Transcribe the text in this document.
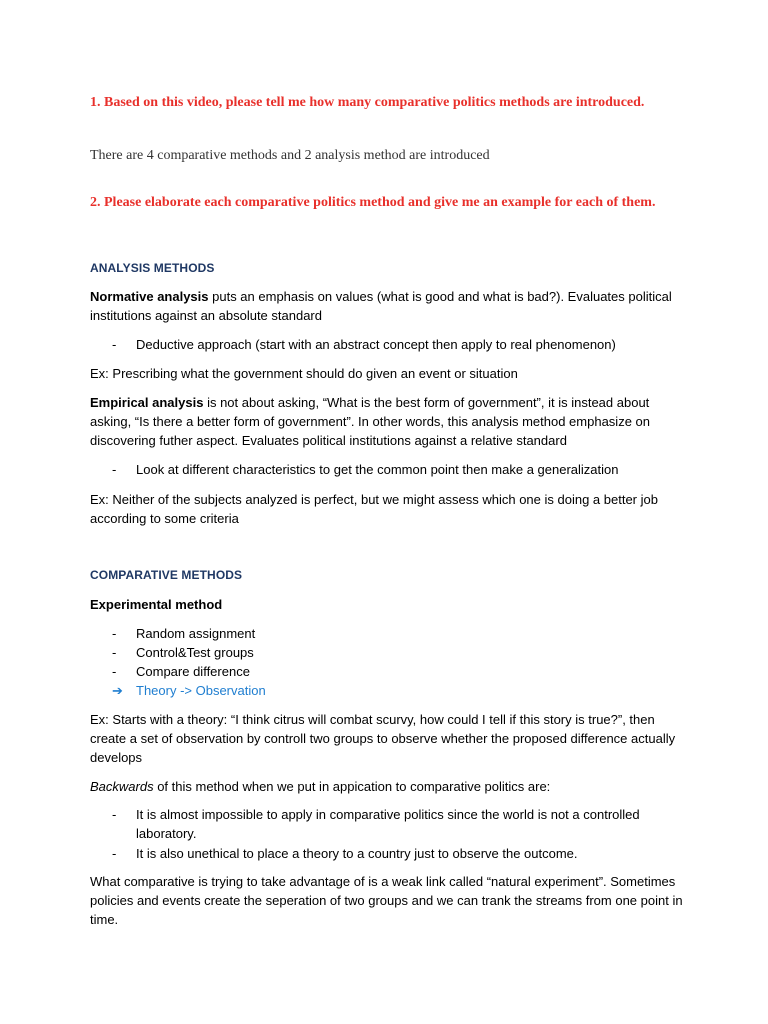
1. Based on this video, please tell me how many comparative politics methods are introduced.
There are 4 comparative methods and 2 analysis method are introduced
2. Please elaborate each comparative politics method and give me an example for each of them.
ANALYSIS METHODS
Normative analysis puts an emphasis on values (what is good and what is bad?). Evaluates political institutions against an absolute standard
-	Deductive approach (start with an abstract concept then apply to real phenomenon)
Ex: Prescribing what the government should do given an event or situation
Empirical analysis is not about asking, “What is the best form of government”, it is instead about asking, “Is there a better form of government”. In other words, this analysis method emphasize on discovering futher aspect. Evaluates political institutions against a relative standard
-	Look at different characteristics to get the common point then make a generalization
Ex: Neither of the subjects analyzed is perfect, but we might assess which one is doing a better job according to some criteria
COMPARATIVE METHODS
Experimental method
-	Random assignment
-	Control&Test groups
-	Compare difference
➔	Theory -> Observation
Ex: Starts with a theory: “I think citrus will combat scurvy, how could I tell if this story is true?”, then create a set of observation by controll two groups to observe whether the proposed difference actually develops
Backwards of this method when we put in appication to comparative politics are:
-	It is almost impossible to apply in comparative politics since the world is not a controlled laboratory.
-	It is also unethical to place a theory to a country just to observe the outcome.
What comparative is trying to take advantage of is a weak link called “natural experiment”. Sometimes policies and events create the seperation of two groups and we can trank the streams from one point in time.
